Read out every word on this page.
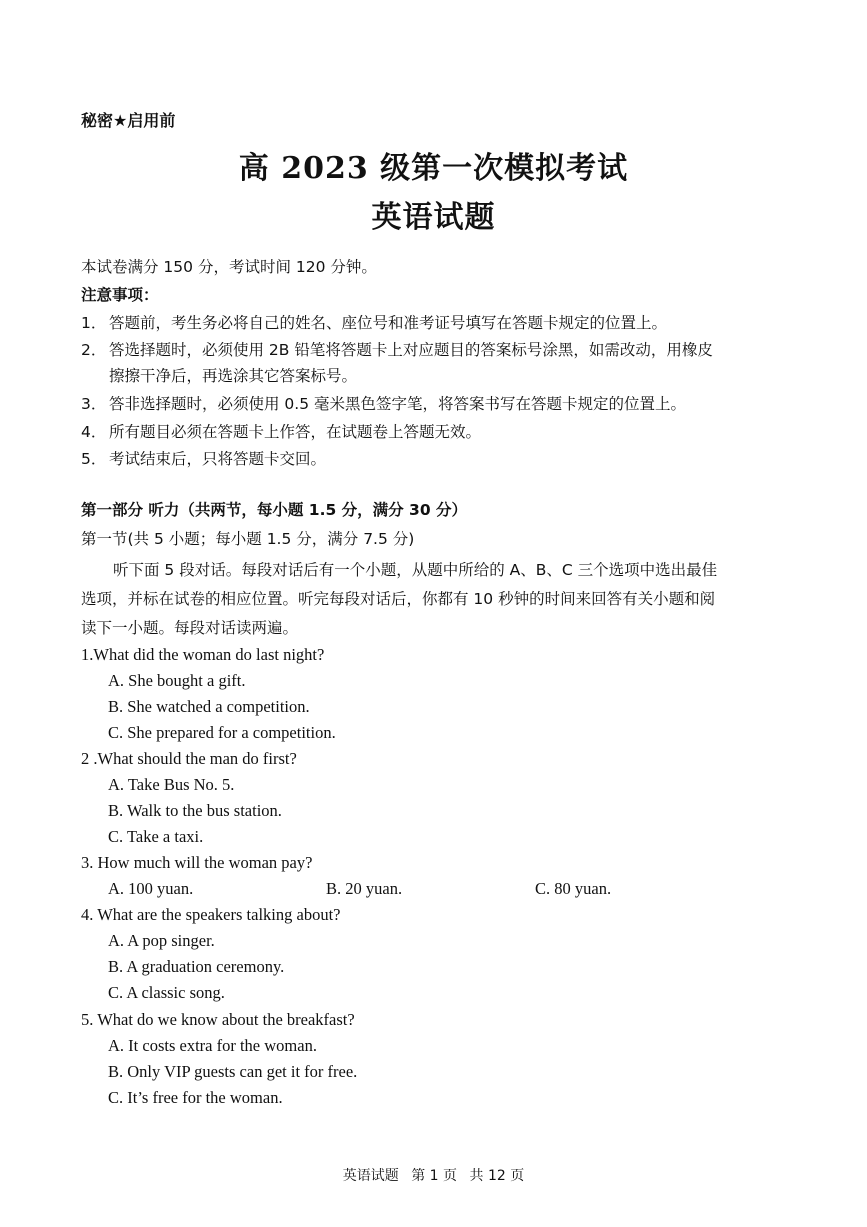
秘密★启用前
高 2023 级第一次模拟考试
英语试题
本试卷满分 150 分，考试时间 120 分钟。
注意事项：
1． 答题前，考生务必将自己的姓名、座位号和准考证号填写在答题卡规定的位置上。
2． 答选择题时，必须使用 2B 铅笔将答题卡上对应题目的答案标号涂黑，如需改动，用橡皮
擦擦干净后，再选涂其它答案标号。
3． 答非选择题时，必须使用 0.5 毫米黑色签字笔，将答案书写在答题卡规定的位置上。
4． 所有题目必须在答题卡上作答，在试题卷上答题无效。
5． 考试结束后，只将答题卡交回。
第一部分 听力（共两节，每小题 1.5 分，满分 30 分）
第一节(共 5 小题；每小题 1.5 分，满分 7.5 分)
听下面 5 段对话。每段对话后有一个小题，从题中所给的 A、B、C 三个选项中选出最佳
选项，并标在试卷的相应位置。听完每段对话后，你都有 10 秒钟的时间来回答有关小题和阅
读下一小题。每段对话读两遍。
1.What did the woman do last night?
A. She bought a gift.
B. She watched a competition.
C. She prepared for a competition.
2 .What should the man do first?
A. Take Bus No. 5.
B. Walk to the bus station.
C. Take a taxi.
3. How much will the woman pay?
A. 100 yuan.	B. 20 yuan.	C. 80 yuan.
4. What are the speakers talking about?
A. A pop singer.
B. A graduation ceremony.
C. A classic song.
5. What do we know about the breakfast?
A. It costs extra for the woman.
B. Only VIP guests can get it for free.
C. It’s free for the woman.
英语试题 第 1 页 共 12 页
